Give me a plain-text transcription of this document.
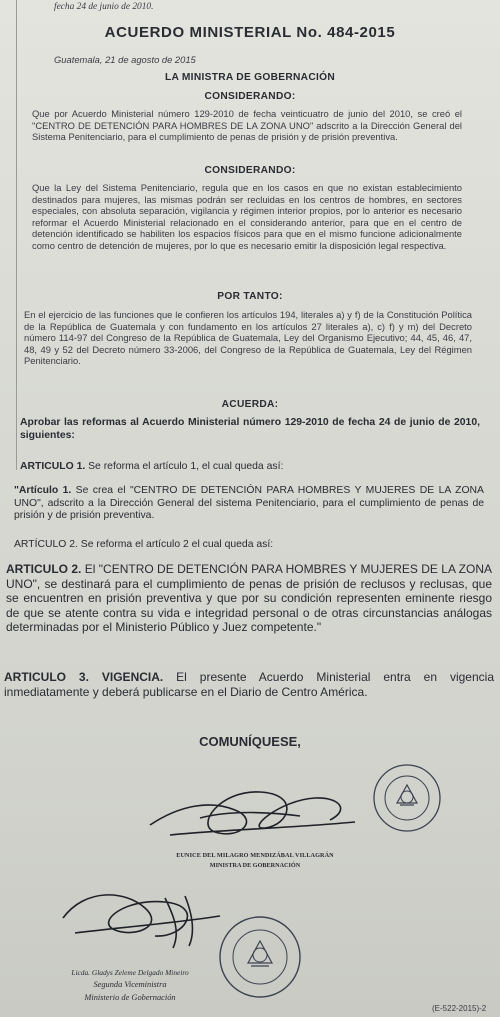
fecha 24 de junio de 2010.
ACUERDO MINISTERIAL No. 484-2015
Guatemala, 21 de agosto de 2015
LA MINISTRA DE GOBERNACIÓN
CONSIDERANDO:
Que por Acuerdo Ministerial número 129-2010 de fecha veinticuatro de junio del 2010, se creó el "CENTRO DE DETENCIÓN PARA HOMBRES DE LA ZONA UNO" adscrito a la Dirección General del Sistema Penitenciario, para el cumplimiento de penas de prisión y de prisión preventiva.
CONSIDERANDO:
Que la Ley del Sistema Penitenciario, regula que en los casos en que no existan establecimiento destinados para mujeres, las mismas podrán ser recluidas en los centros de hombres, en sectores especiales, con absoluta separación, vigilancia y régimen interior propios, por lo anterior es necesario reformar el Acuerdo Ministerial relacionado en el considerando anterior, para que en el centro de detención identificado se habiliten los espacios físicos para que en el mismo funcione adicionalmente como centro de detención de mujeres, por lo que es necesario emitir la disposición legal respectiva.
POR TANTO:
En el ejercicio de las funciones que le confieren los artículos 194, literales a) y f) de la Constitución Política de la República de Guatemala y con fundamento en los artículos 27 literales a), c) f) y m) del Decreto número 114-97 del Congreso de la República de Guatemala, Ley del Organismo Ejecutivo; 44, 45, 46, 47, 48, 49 y 52 del Decreto número 33-2006, del Congreso de la República de Guatemala, Ley del Régimen Penitenciario.
ACUERDA:
Aprobar las reformas al Acuerdo Ministerial número 129-2010 de fecha 24 de junio de 2010, siguientes:
ARTICULO 1. Se reforma el artículo 1, el cual queda así:
"Artículo 1. Se crea el "CENTRO DE DETENCIÓN PARA HOMBRES Y MUJERES DE LA ZONA UNO", adscrito a la Dirección General del sistema Penitenciario, para el cumplimiento de penas de prisión y de prisión preventiva.
ARTÍCULO 2. Se reforma el artículo 2 el cual queda así:
ARTICULO 2. El "CENTRO DE DETENCIÓN PARA HOMBRES Y MUJERES DE LA ZONA UNO", se destinará para el cumplimiento de penas de prisión de reclusos y reclusas, que se encuentren en prisión preventiva y que por su condición representen eminente riesgo de que se atente contra su vida e integridad personal o de otras circunstancias análogas determinadas por el Ministerio Público y Juez competente."
ARTICULO 3. VIGENCIA. El presente Acuerdo Ministerial entra en vigencia inmediatamente y deberá publicarse en el Diario de Centro América.
COMUNÍQUESE,
EUNICE DEL MILAGRO MENDIZÁBAL VILLAGRÁN
MINISTRA DE GOBERNACIÓN
Licda. Gladys Zeleme Delgado Mineiro
Segunda Viceministra
Ministerio de Gobernación
(E-522-2015)-2
